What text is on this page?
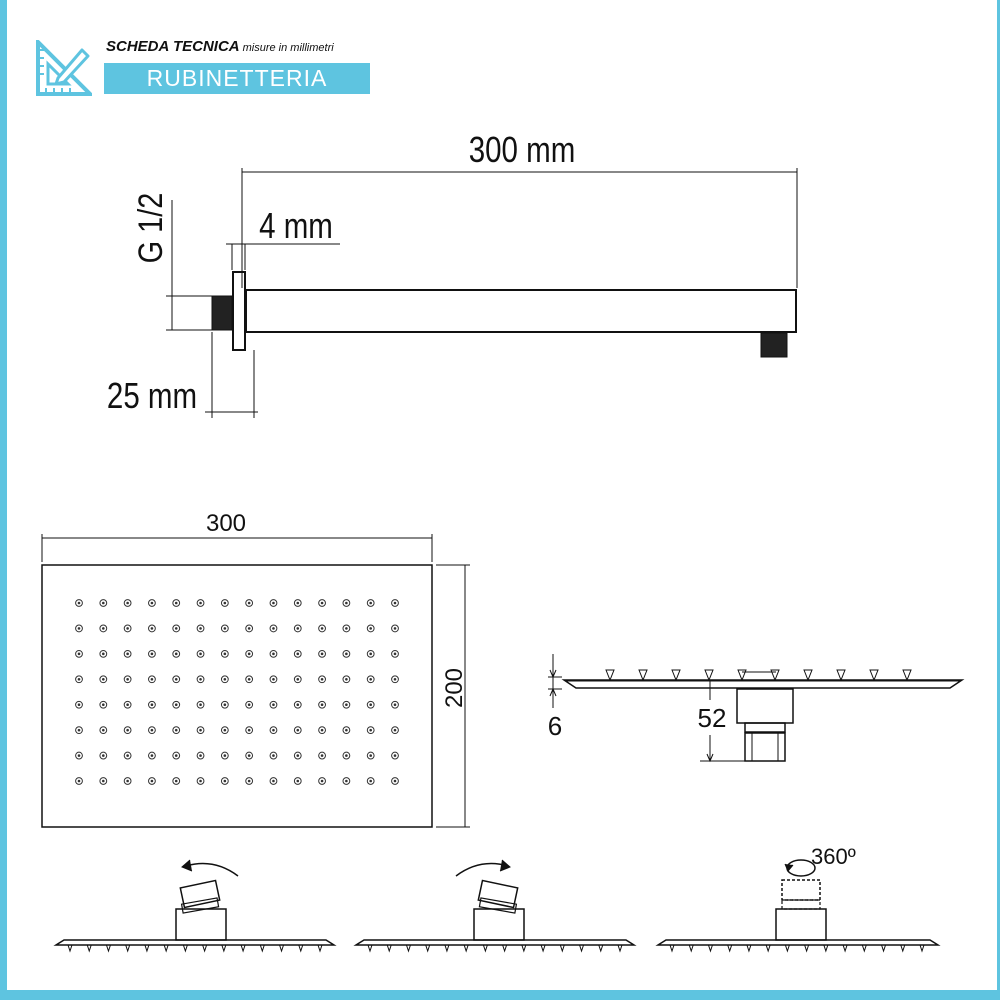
SCHEDA TECNICA misure in millimetri
RUBINETTERIA
300 mm
G 1/2 4 mm
25 mm
300
200
6	52
360º
